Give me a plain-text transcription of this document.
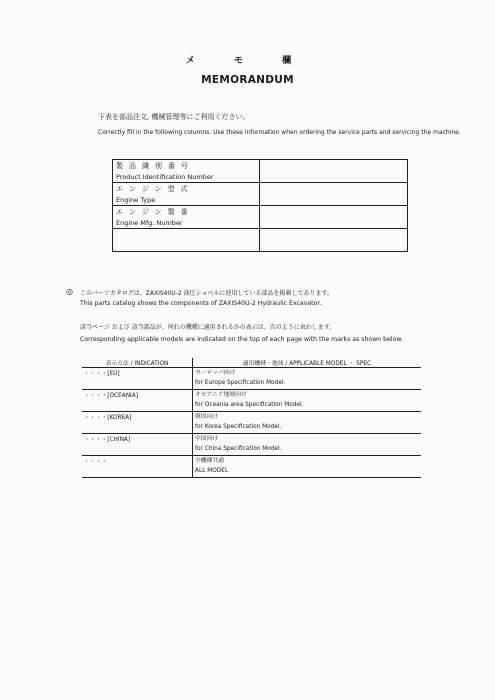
メ モ 欄
MEMORANDUM
下表を部品注文, 機械管理等にご利用ください。
Correctly fill in the following columns. Use these information when ordering the service parts and servicing the machine.
製品識別番号
Product Identification Number	

エンジン型式
Engine Type	

エンジン製番
Engine Mfg. Number	

◎ このパーツカタログは、ZAXIS40U-2 油圧ショベルに使用している部品を掲載してあります。
This parts catalog shows the components of ZAXIS40U-2 Hydraulic Excavator.
該当ページ および 該当部品が、何れの機種に適用されるかの表示は、次のように表わします。
Corresponding applicable models are indicated on the top of each page with the marks as shown below.
表示方法 / INDICATION	適用機種・地域 / APPLICABLE MODEL ・ SPEC
・・・・[EU]	ヨーロッパ向け
for Europe Specification Model.

・・・・[OCEANIA]	オセアニア地域向け
for Oceania area Specification Model.

・・・・[KOREA]	韓国向け
for Korea Specification Model.

・・・・[CHINA]	中国向け
for China Specification Model.

・・・・	全機種共通
ALL MODEL
